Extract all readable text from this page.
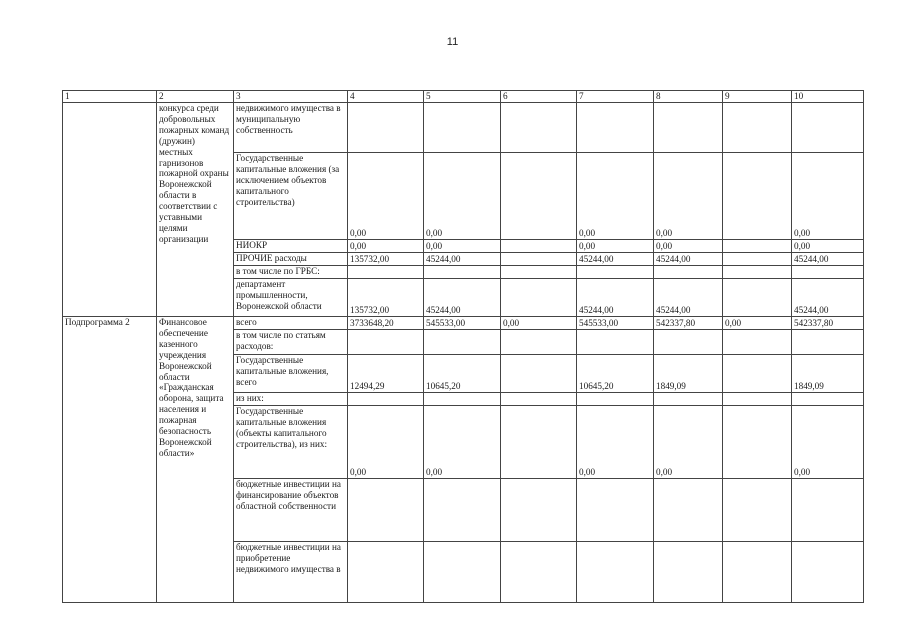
11
1	2	3	4	5	6	7	8	9	10
	конкурса среди добровольных пожарных команд (дружин) местных гарнизонов пожарной охраны Воронежской области в соответствии с уставными целями организации	недвижимого имущества в муниципальную собственность							
		Государственные капитальные вложения (за исключением объектов капитального строительства)	0,00	0,00		0,00	0,00		0,00
		НИОКР	0,00	0,00		0,00	0,00		0,00
		ПРОЧИЕ расходы	135732,00	45244,00		45244,00	45244,00		45244,00
		в том числе по ГРБС:							
		департамент промышленности, Воронежской области	135732,00	45244,00		45244,00	45244,00		45244,00
Подпрограмма 2	Финансовое обеспечение казенного учреждения Воронежской области «Гражданская оборона, защита населения и пожарная безопасность Воронежской области»	всего	3733648,20	545533,00	0,00	545533,00	542337,80	0,00	542337,80
		в том числе по статьям расходов:							
		Государственные капитальные вложения, всего	12494,29	10645,20		10645,20	1849,09		1849,09
		из них:							
		Государственные капитальные вложения (объекты капитального строительства), из них:	0,00	0,00		0,00	0,00		0,00
		бюджетные инвестиции на финансирование объектов областной собственности							
		бюджетные инвестиции на приобретение недвижимого имущества в							
